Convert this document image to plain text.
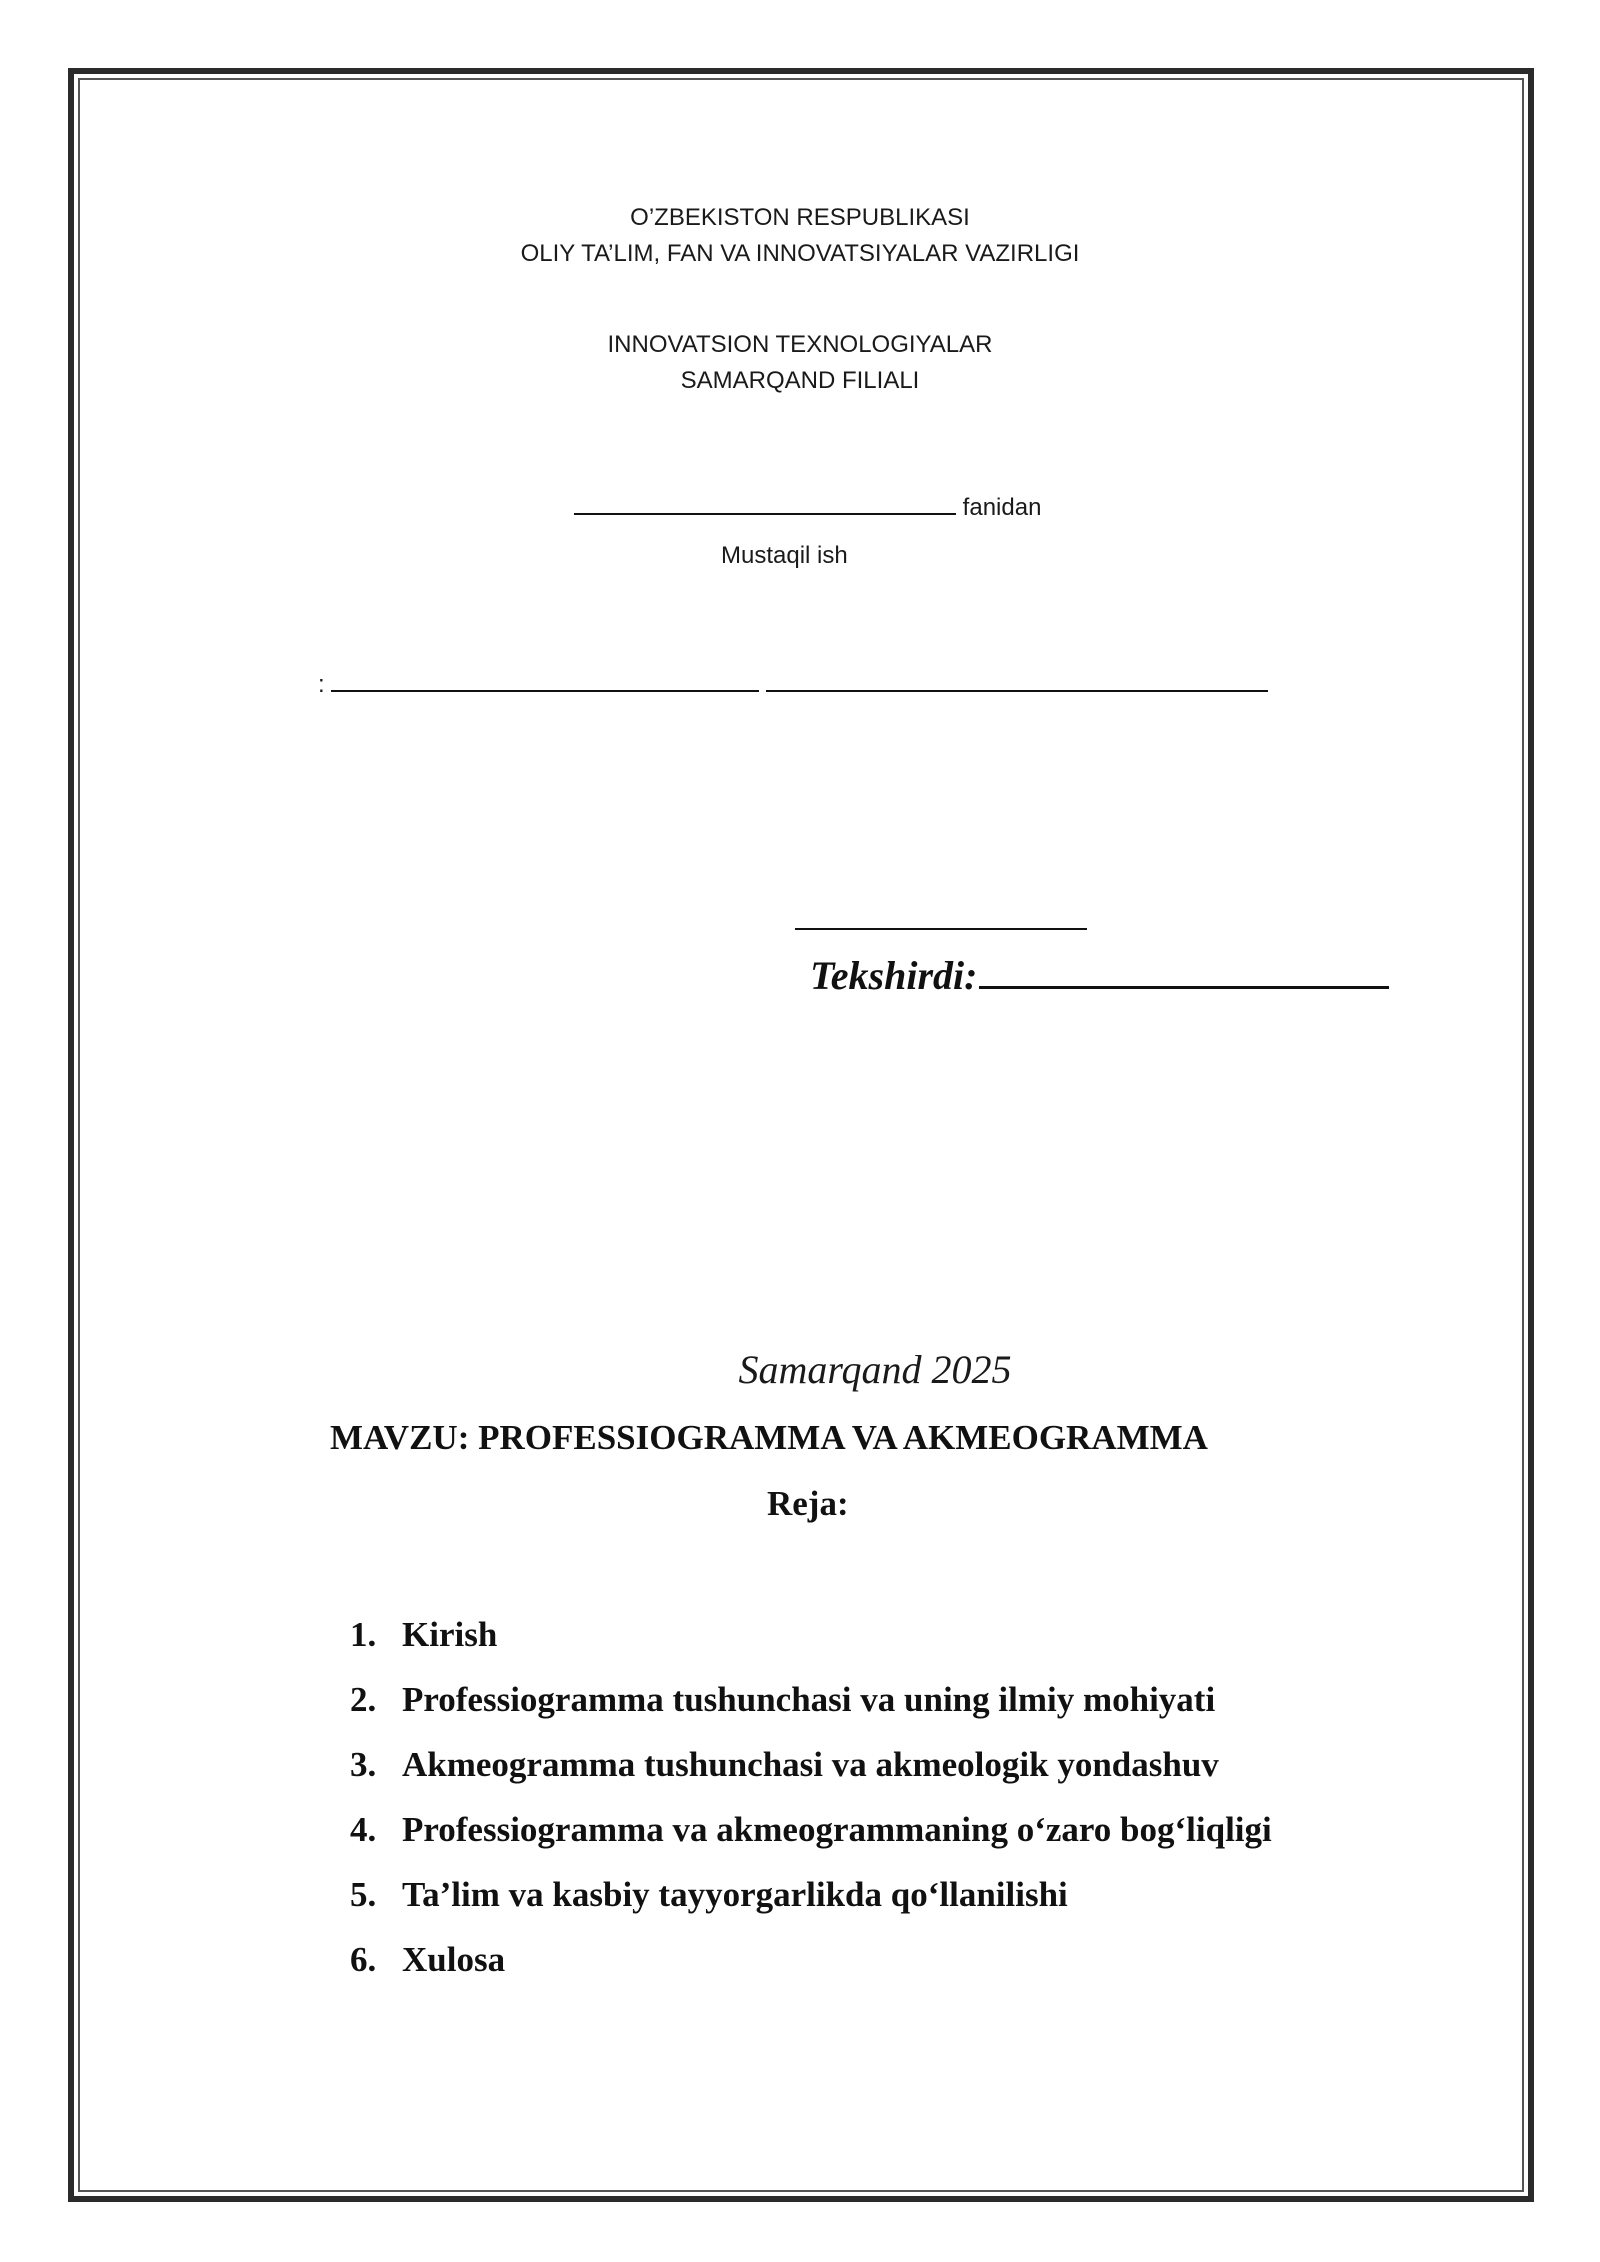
O’ZBEKISTON RESPUBLIKASI
OLIY TA’LIM, FAN VA INNOVATSIYALAR VAZIRLIGI
INNOVATSION TEXNOLOGIYALAR
SAMARQAND FILIALI
fanidan
Mustaqil ish
:
Tekshirdi:
Samarqand 2025
MAVZU: PROFESSIOGRAMMA VA AKMEOGRAMMA
Reja:
1. Kirish
2. Professiogramma tushunchasi va uning ilmiy mohiyati
3. Akmeogramma tushunchasi va akmeologik yondashuv
4. Professiogramma va akmeogrammaning o‘zaro bog‘liqligi
5. Ta’lim va kasbiy tayyorgarlikda qo‘llanilishi
6. Xulosa
